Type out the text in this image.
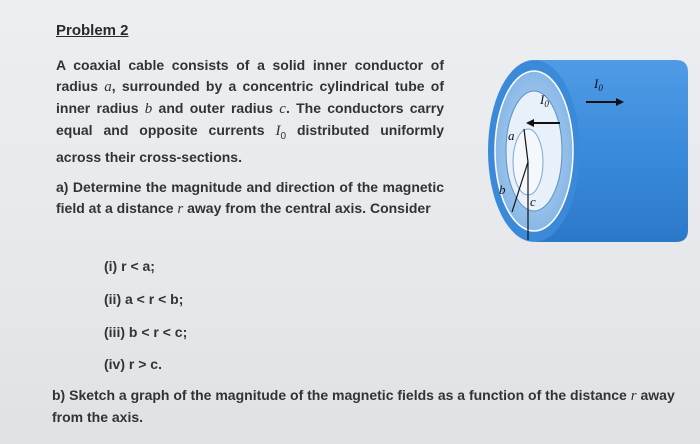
Problem 2
A coaxial cable consists of a solid inner conductor of radius a, surrounded by a concentric cylindrical tube of inner radius b and outer radius c. The conductors carry equal and opposite currents $I_0$ distributed uniformly across their cross-sections.
a) Determine the magnitude and direction of the magnetic field at a distance r away from the central axis. Consider
(i) r < a;
(ii) a < r < b;
(iii) b < r < c;
(iv) r > c.
b) Sketch a graph of the magnitude of the magnetic fields as a function of the distance r away from the axis.
$I_0$
$I_0$
a
b
c
